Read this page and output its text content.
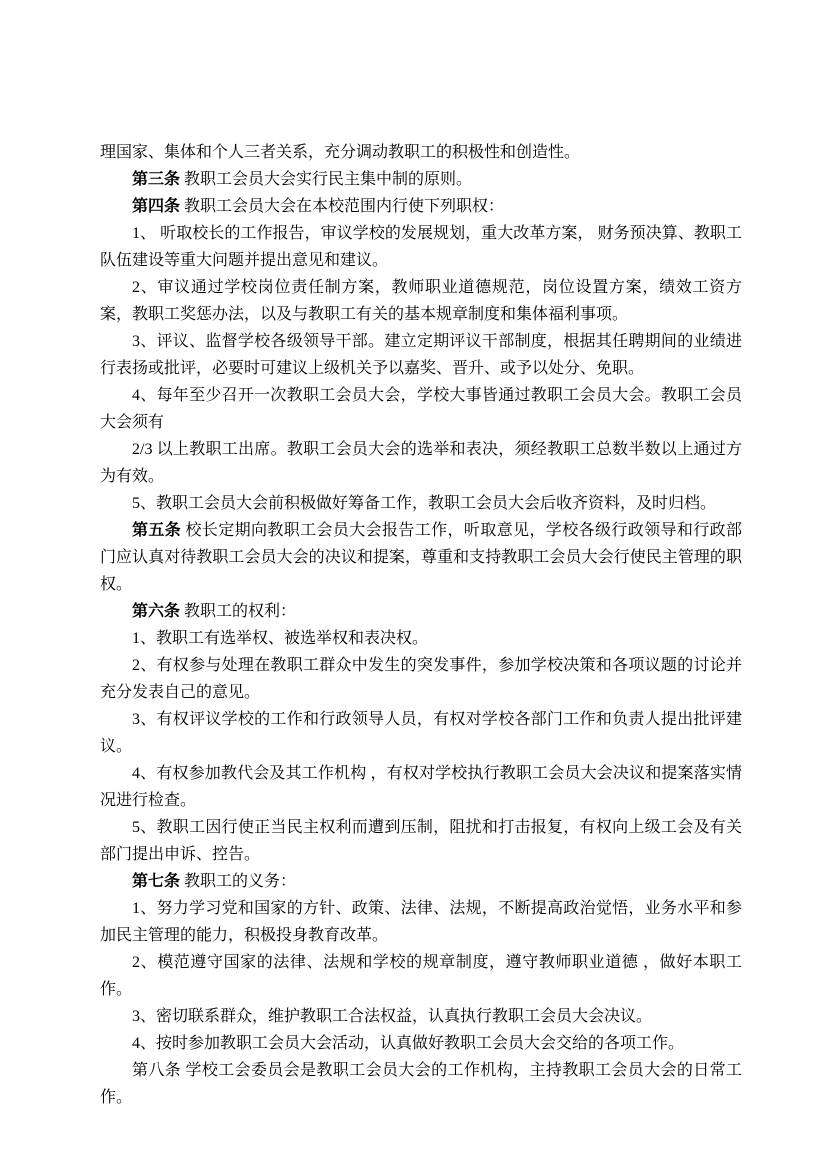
理国家、集体和个人三者关系，充分调动教职工的积极性和创造性。

第三条 教职工会员大会实行民主集中制的原则。

第四条 教职工会员大会在本校范围内行使下列职权：

1、 听取校长的工作报告，审议学校的发展规划，重大改革方案， 财务预决算、教职工队伍建设等重大问题并提出意见和建议。

2、审议通过学校岗位责任制方案，教师职业道德规范，岗位设置方案，绩效工资方案，教职工奖惩办法，以及与教职工有关的基本规章制度和集体福利事项。

3、评议、监督学校各级领导干部。建立定期评议干部制度，根据其任聘期间的业绩进行表扬或批评，必要时可建议上级机关予以嘉奖、晋升、或予以处分、免职。

4、每年至少召开一次教职工会员大会，学校大事皆通过教职工会员大会。教职工会员大会须有

2/3 以上教职工出席。教职工会员大会的选举和表决，须经教职工总数半数以上通过方为有效。

5、教职工会员大会前积极做好筹备工作，教职工会员大会后收齐资料，及时归档。

第五条 校长定期向教职工会员大会报告工作，听取意见，学校各级行政领导和行政部门应认真对待教职工会员大会的决议和提案，尊重和支持教职工会员大会行使民主管理的职权。

第六条 教职工的权利：

1、教职工有选举权、被选举权和表决权。

2、有权参与处理在教职工群众中发生的突发事件，参加学校决策和各项议题的讨论并充分发表自己的意见。

3、有权评议学校的工作和行政领导人员，有权对学校各部门工作和负责人提出批评建议。

4、有权参加教代会及其工作机构 ，有权对学校执行教职工会员大会决议和提案落实情况进行检查。

5、教职工因行使正当民主权利而遭到压制，阻扰和打击报复，有权向上级工会及有关部门提出申诉、控告。

第七条 教职工的义务：

1、努力学习党和国家的方针、政策、法律、法规，不断提高政治觉悟，业务水平和参加民主管理的能力，积极投身教育改革。

2、模范遵守国家的法律、法规和学校的规章制度，遵守教师职业道德 ，做好本职工作。

3、密切联系群众，维护教职工合法权益，认真执行教职工会员大会决议。

4、按时参加教职工会员大会活动，认真做好教职工会员大会交给的各项工作。

第八条 学校工会委员会是教职工会员大会的工作机构，主持教职工会员大会的日常工作。
